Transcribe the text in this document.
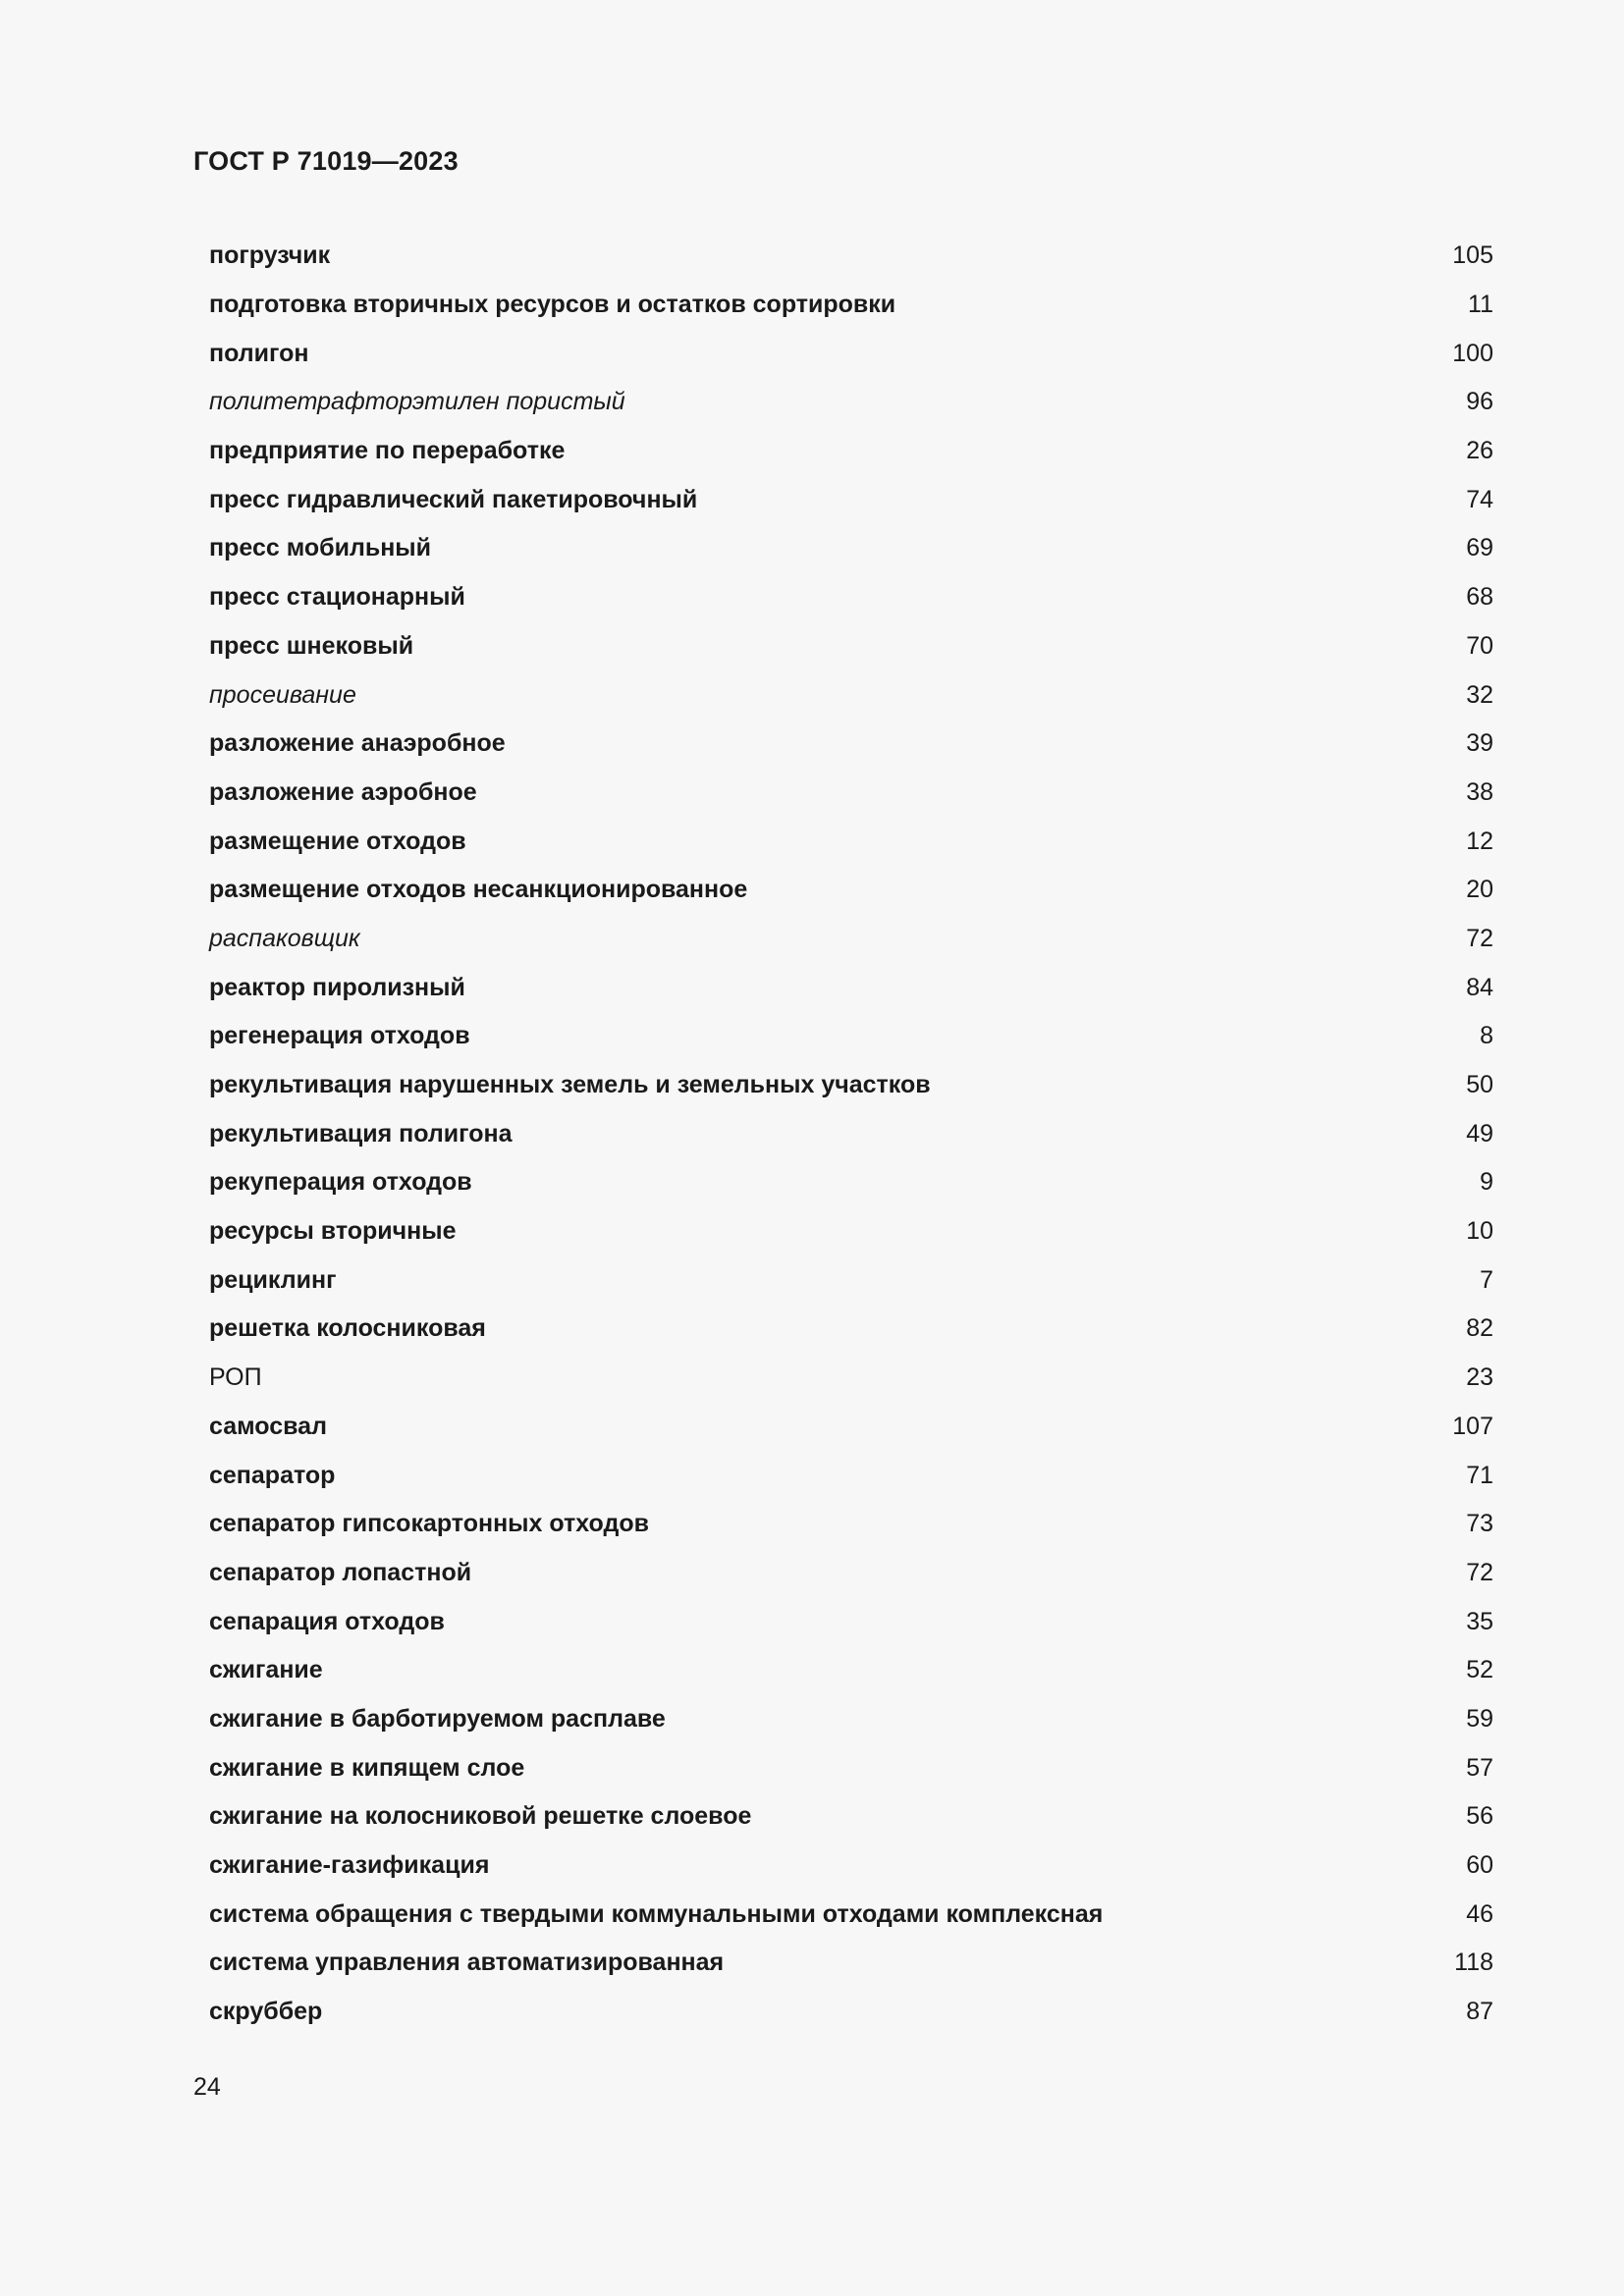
ГОСТ Р 71019—2023
погрузчик	105
подготовка вторичных ресурсов и остатков сортировки	11
полигон	100
политетрафторэтилен пористый	96
предприятие по переработке	26
пресс гидравлический пакетировочный	74
пресс мобильный	69
пресс стационарный	68
пресс шнековый	70
просеивание	32
разложение анаэробное	39
разложение аэробное	38
размещение отходов	12
размещение отходов несанкционированное	20
распаковщик	72
реактор пиролизный	84
регенерация отходов	8
рекультивация нарушенных земель и земельных участков	50
рекультивация полигона	49
рекуперация отходов	9
ресурсы вторичные	10
рециклинг	7
решетка колосниковая	82
РОП	23
самосвал	107
сепаратор	71
сепаратор гипсокартонных отходов	73
сепаратор лопастной	72
сепарация отходов	35
сжигание	52
сжигание в барботируемом расплаве	59
сжигание в кипящем слое	57
сжигание на колосниковой решетке слоевое	56
сжигание-газификация	60
система обращения с твердыми коммунальными отходами комплексная	46
система управления автоматизированная	118
скруббер	87
24
